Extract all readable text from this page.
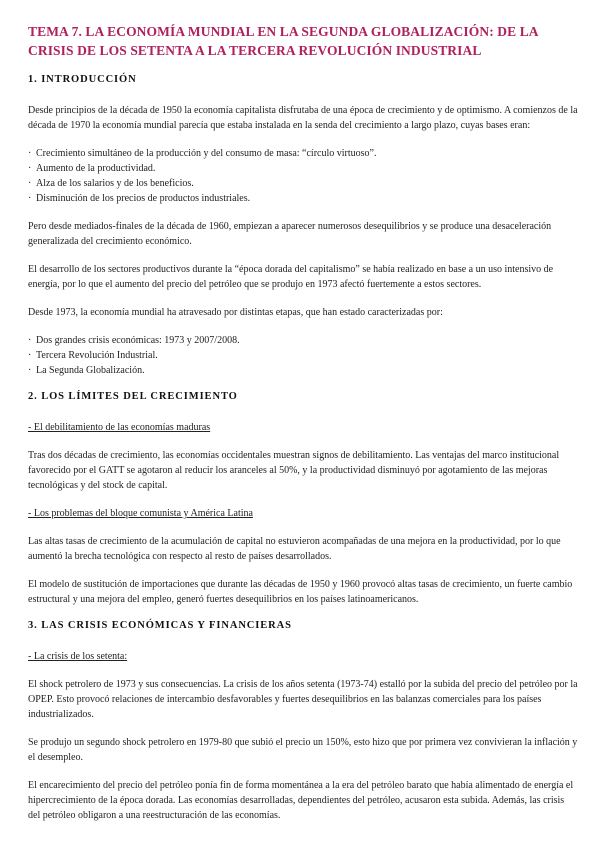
TEMA 7. LA ECONOMÍA MUNDIAL EN LA SEGUNDA GLOBALIZACIÓN: DE LA CRISIS DE LOS SETENTA A LA TERCERA REVOLUCIÓN INDUSTRIAL
1. INTRODUCCIÓN

Desde principios de la década de 1950 la economía capitalista disfrutaba de una época de crecimiento y de optimismo. A comienzos de la década de 1970 la economía mundial parecía que estaba instalada en la senda del crecimiento a largo plazo, cuyas bases eran:

· Crecimiento simultáneo de la producción y del consumo de masa: “círculo virtuoso”.
· Aumento de la productividad.
· Alza de los salarios y de los beneficios.
· Disminución de los precios de productos industriales.

Pero desde mediados-finales de la década de 1960, empiezan a aparecer numerosos desequilibrios y se produce una desaceleración generalizada del crecimiento económico.

El desarrollo de los sectores productivos durante la “época dorada del capitalismo” se había realizado en base a un uso intensivo de energía, por lo que el aumento del precio del petróleo que se produjo en 1973 afectó fuertemente a estos sectores.

Desde 1973, la economía mundial ha atravesado por distintas etapas, que han estado caracterizadas por:

· Dos grandes crisis económicas: 1973 y 2007/2008.
· Tercera Revolución Industrial.
· La Segunda Globalización.
2. LOS LÍMITES DEL CRECIMIENTO
- El debilitamiento de las economías maduras

Tras dos décadas de crecimiento, las economías occidentales muestran signos de debilitamiento. Las ventajas del marco institucional favorecido por el GATT se agotaron al reducir los aranceles al 50%, y la productividad disminuyó por agotamiento de las mejoras tecnológicas y del stock de capital.

- Los problemas del bloque comunista y América Latina

Las altas tasas de crecimiento de la acumulación de capital no estuvieron acompañadas de una mejora en la productividad, por lo que aumentó la brecha tecnológica con respecto al resto de países desarrollados.

El modelo de sustitución de importaciones que durante las décadas de 1950 y 1960 provocó altas tasas de crecimiento, un fuerte cambio estructural y una mejora del empleo, generó fuertes desequilibrios en los países latinoamericanos.

3. LAS CRISIS ECONÓMICAS Y FINANCIERAS
- La crisis de los setenta:

El shock petrolero de 1973 y sus consecuencias. La crisis de los años setenta (1973-74) estalló por la subida del precio del petróleo por la OPEP. Esto provocó relaciones de intercambio desfavorables y fuertes desequilibrios en las balanzas comerciales para los países industrializados.

Se produjo un segundo shock petrolero en 1979-80 que subió el precio un 150%, esto hizo que por primera vez convivieran la inflación y el desempleo.

El encarecimiento del precio del petróleo ponía fin de forma momentánea a la era del petróleo barato que había alimentado de energía el hipercrecimiento de la época dorada. Las economías desarrolladas, dependientes del petróleo, acusaron esta subida. Además, las crisis del petróleo obligaron a una reestructuración de las economías.
